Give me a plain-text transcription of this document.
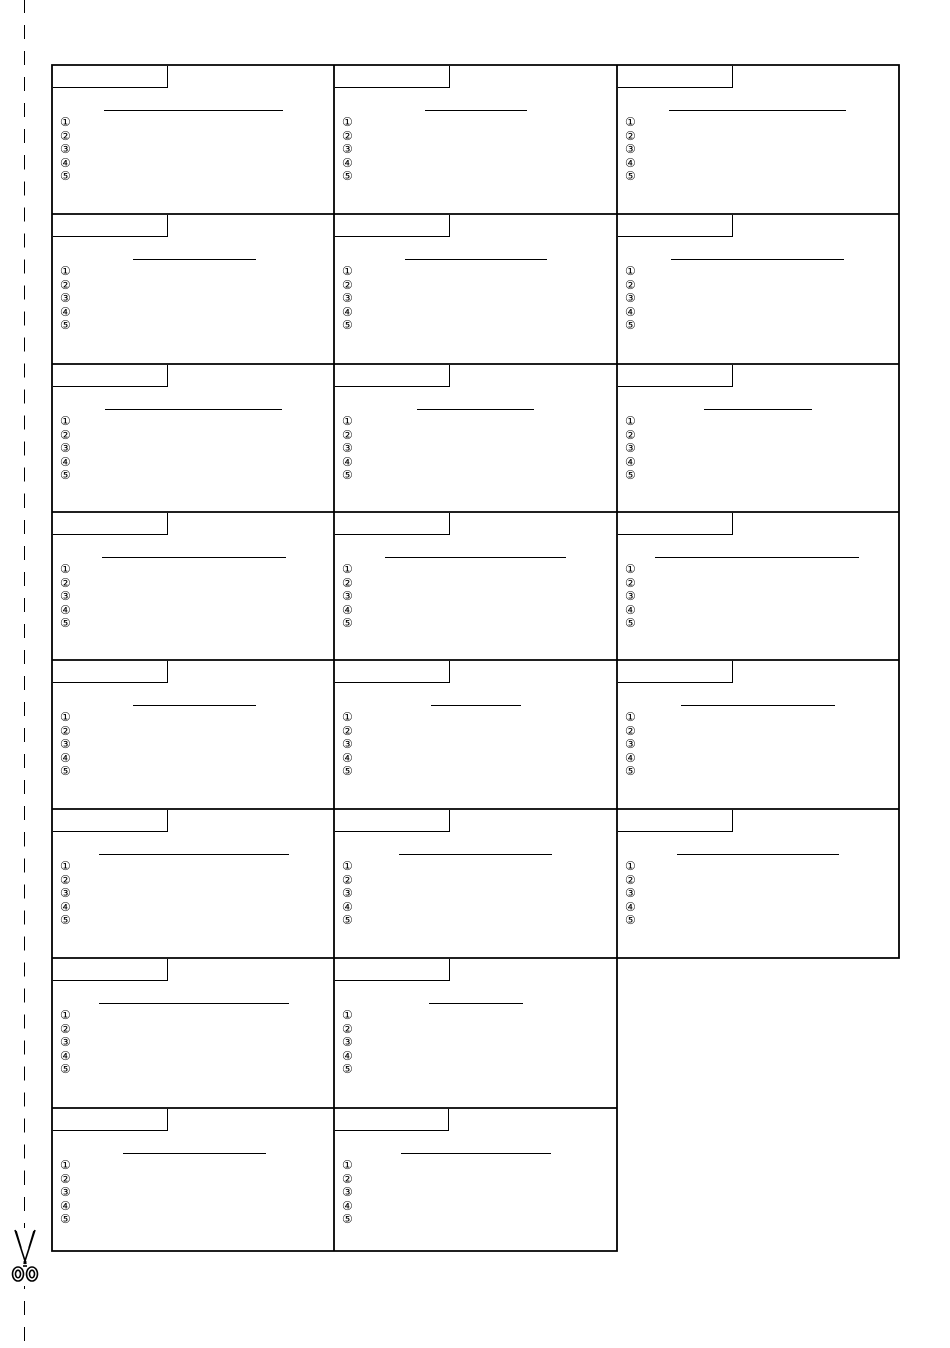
①
②
③
④
⑤
①
②
③
④
⑤
①
②
③
④
⑤
①
②
③
④
⑤
①
②
③
④
⑤
①
②
③
④
⑤
①
②
③
④
⑤
①
②
③
④
⑤
①
②
③
④
⑤
①
②
③
④
⑤
①
②
③
④
⑤
①
②
③
④
⑤
①
②
③
④
⑤
①
②
③
④
⑤
①
②
③
④
⑤
①
②
③
④
⑤
①
②
③
④
⑤
①
②
③
④
⑤
①
②
③
④
⑤
①
②
③
④
⑤
①
②
③
④
⑤
①
②
③
④
⑤
